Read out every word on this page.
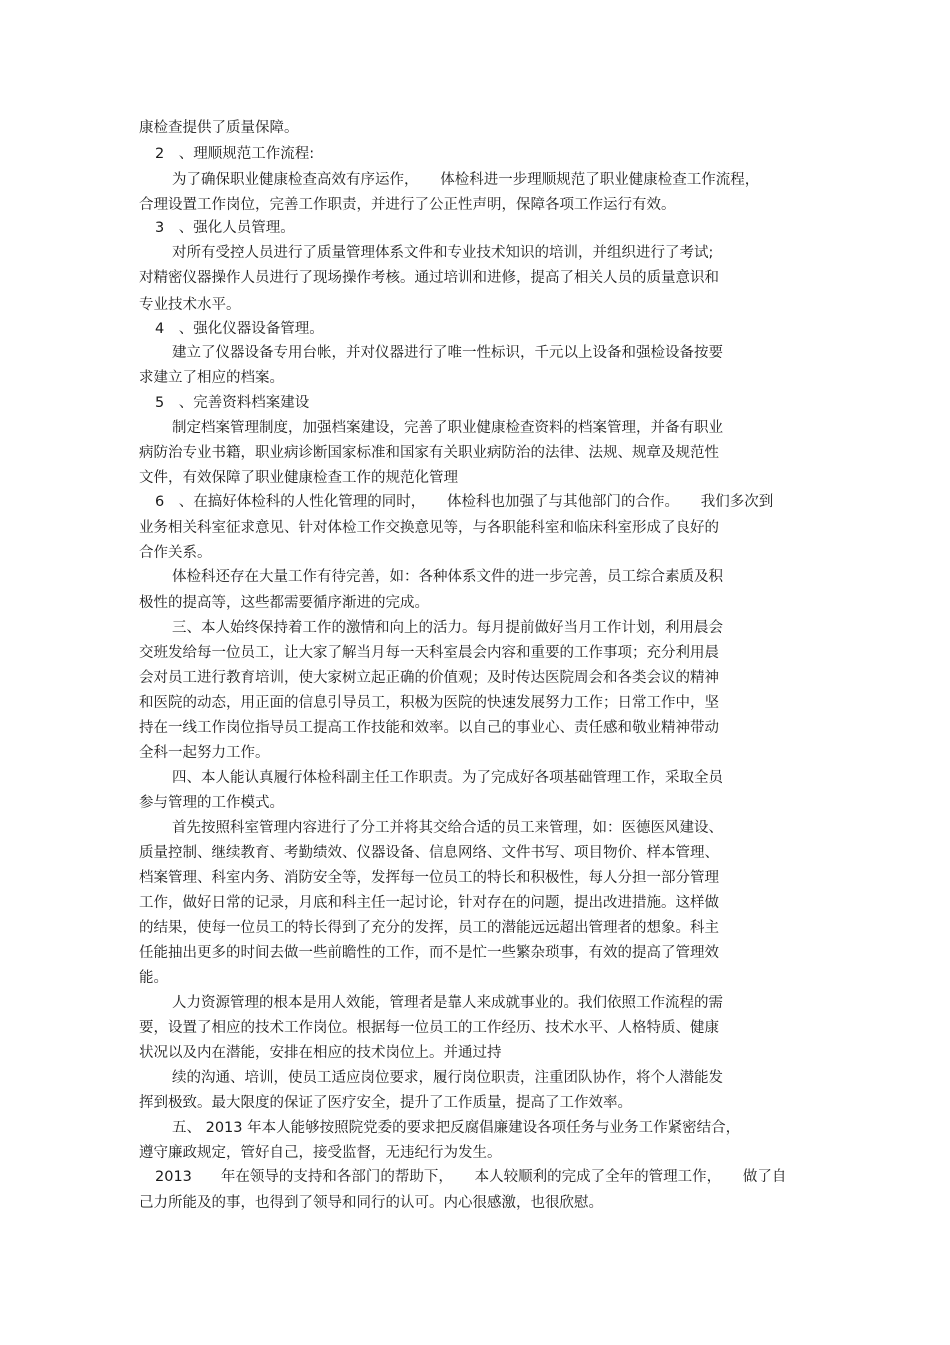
康检查提供了质量保障。

2　、理顺规范工作流程:

为了确保职业健康检查高效有序运作，　　体检科进一步理顺规范了职业健康检查工作流程，

合理设置工作岗位，完善工作职责，并进行了公正性声明，保障各项工作运行有效。

3　、强化人员管理。

对所有受控人员进行了质量管理体系文件和专业技术知识的培训，并组织进行了考试;

对精密仪器操作人员进行了现场操作考核。通过培训和进修，提高了相关人员的质量意识和

专业技术水平。

4　、强化仪器设备管理。

建立了仪器设备专用台帐，并对仪器进行了唯一性标识，千元以上设备和强检设备按要

求建立了相应的档案。

5　、完善资料档案建设

制定档案管理制度，加强档案建设，完善了职业健康检查资料的档案管理，并备有职业

病防治专业书籍，职业病诊断国家标准和国家有关职业病防治的法律、法规、规章及规范性

文件，有效保障了职业健康检查工作的规范化管理

6　、在搞好体检科的人性化管理的同时，　　体检科也加强了与其他部门的合作。　　我们多次到

业务相关科室征求意见、针对体检工作交换意见等，与各职能科室和临床科室形成了良好的

合作关系。

体检科还存在大量工作有待完善，如：各种体系文件的进一步完善，员工综合素质及积

极性的提高等，这些都需要循序渐进的完成。

三、本人始终保持着工作的激情和向上的活力。每月提前做好当月工作计划，利用晨会

交班发给每一位员工，让大家了解当月每一天科室晨会内容和重要的工作事项；充分利用晨

会对员工进行教育培训，使大家树立起正确的价值观；及时传达医院周会和各类会议的精神

和医院的动态，用正面的信息引导员工，积极为医院的快速发展努力工作；日常工作中，坚

持在一线工作岗位指导员工提高工作技能和效率。以自己的事业心、责任感和敬业精神带动

全科一起努力工作。

四、本人能认真履行体检科副主任工作职责。为了完成好各项基础管理工作，采取全员

参与管理的工作模式。

首先按照科室管理内容进行了分工并将其交给合适的员工来管理，如：医德医风建设、

质量控制、继续教育、考勤绩效、仪器设备、信息网络、文件书写、项目物价、样本管理、

档案管理、科室内务、消防安全等，发挥每一位员工的特长和积极性，每人分担一部分管理

工作，做好日常的记录，月底和科主任一起讨论，针对存在的问题，提出改进措施。这样做

的结果，使每一位员工的特长得到了充分的发挥，员工的潜能远远超出管理者的想象。科主

任能抽出更多的时间去做一些前瞻性的工作，而不是忙一些繁杂琐事，有效的提高了管理效

能。

人力资源管理的根本是用人效能，管理者是靠人来成就事业的。我们依照工作流程的需

要，设置了相应的技术工作岗位。根据每一位员工的工作经历、技术水平、人格特质、健康

状况以及内在潜能，安排在相应的技术岗位上。并通过持

续的沟通、培训，使员工适应岗位要求，履行岗位职责，注重团队协作，将个人潜能发

挥到极致。最大限度的保证了医疗安全，提升了工作质量，提高了工作效率。

五、 2013 年本人能够按照院党委的要求把反腐倡廉建设各项任务与业务工作紧密结合，

遵守廉政规定，管好自己，接受监督，无违纪行为发生。

2013　　年在领导的支持和各部门的帮助下，　　本人较顺利的完成了全年的管理工作，　　做了自

己力所能及的事，也得到了领导和同行的认可。内心很感激，也很欣慰。
